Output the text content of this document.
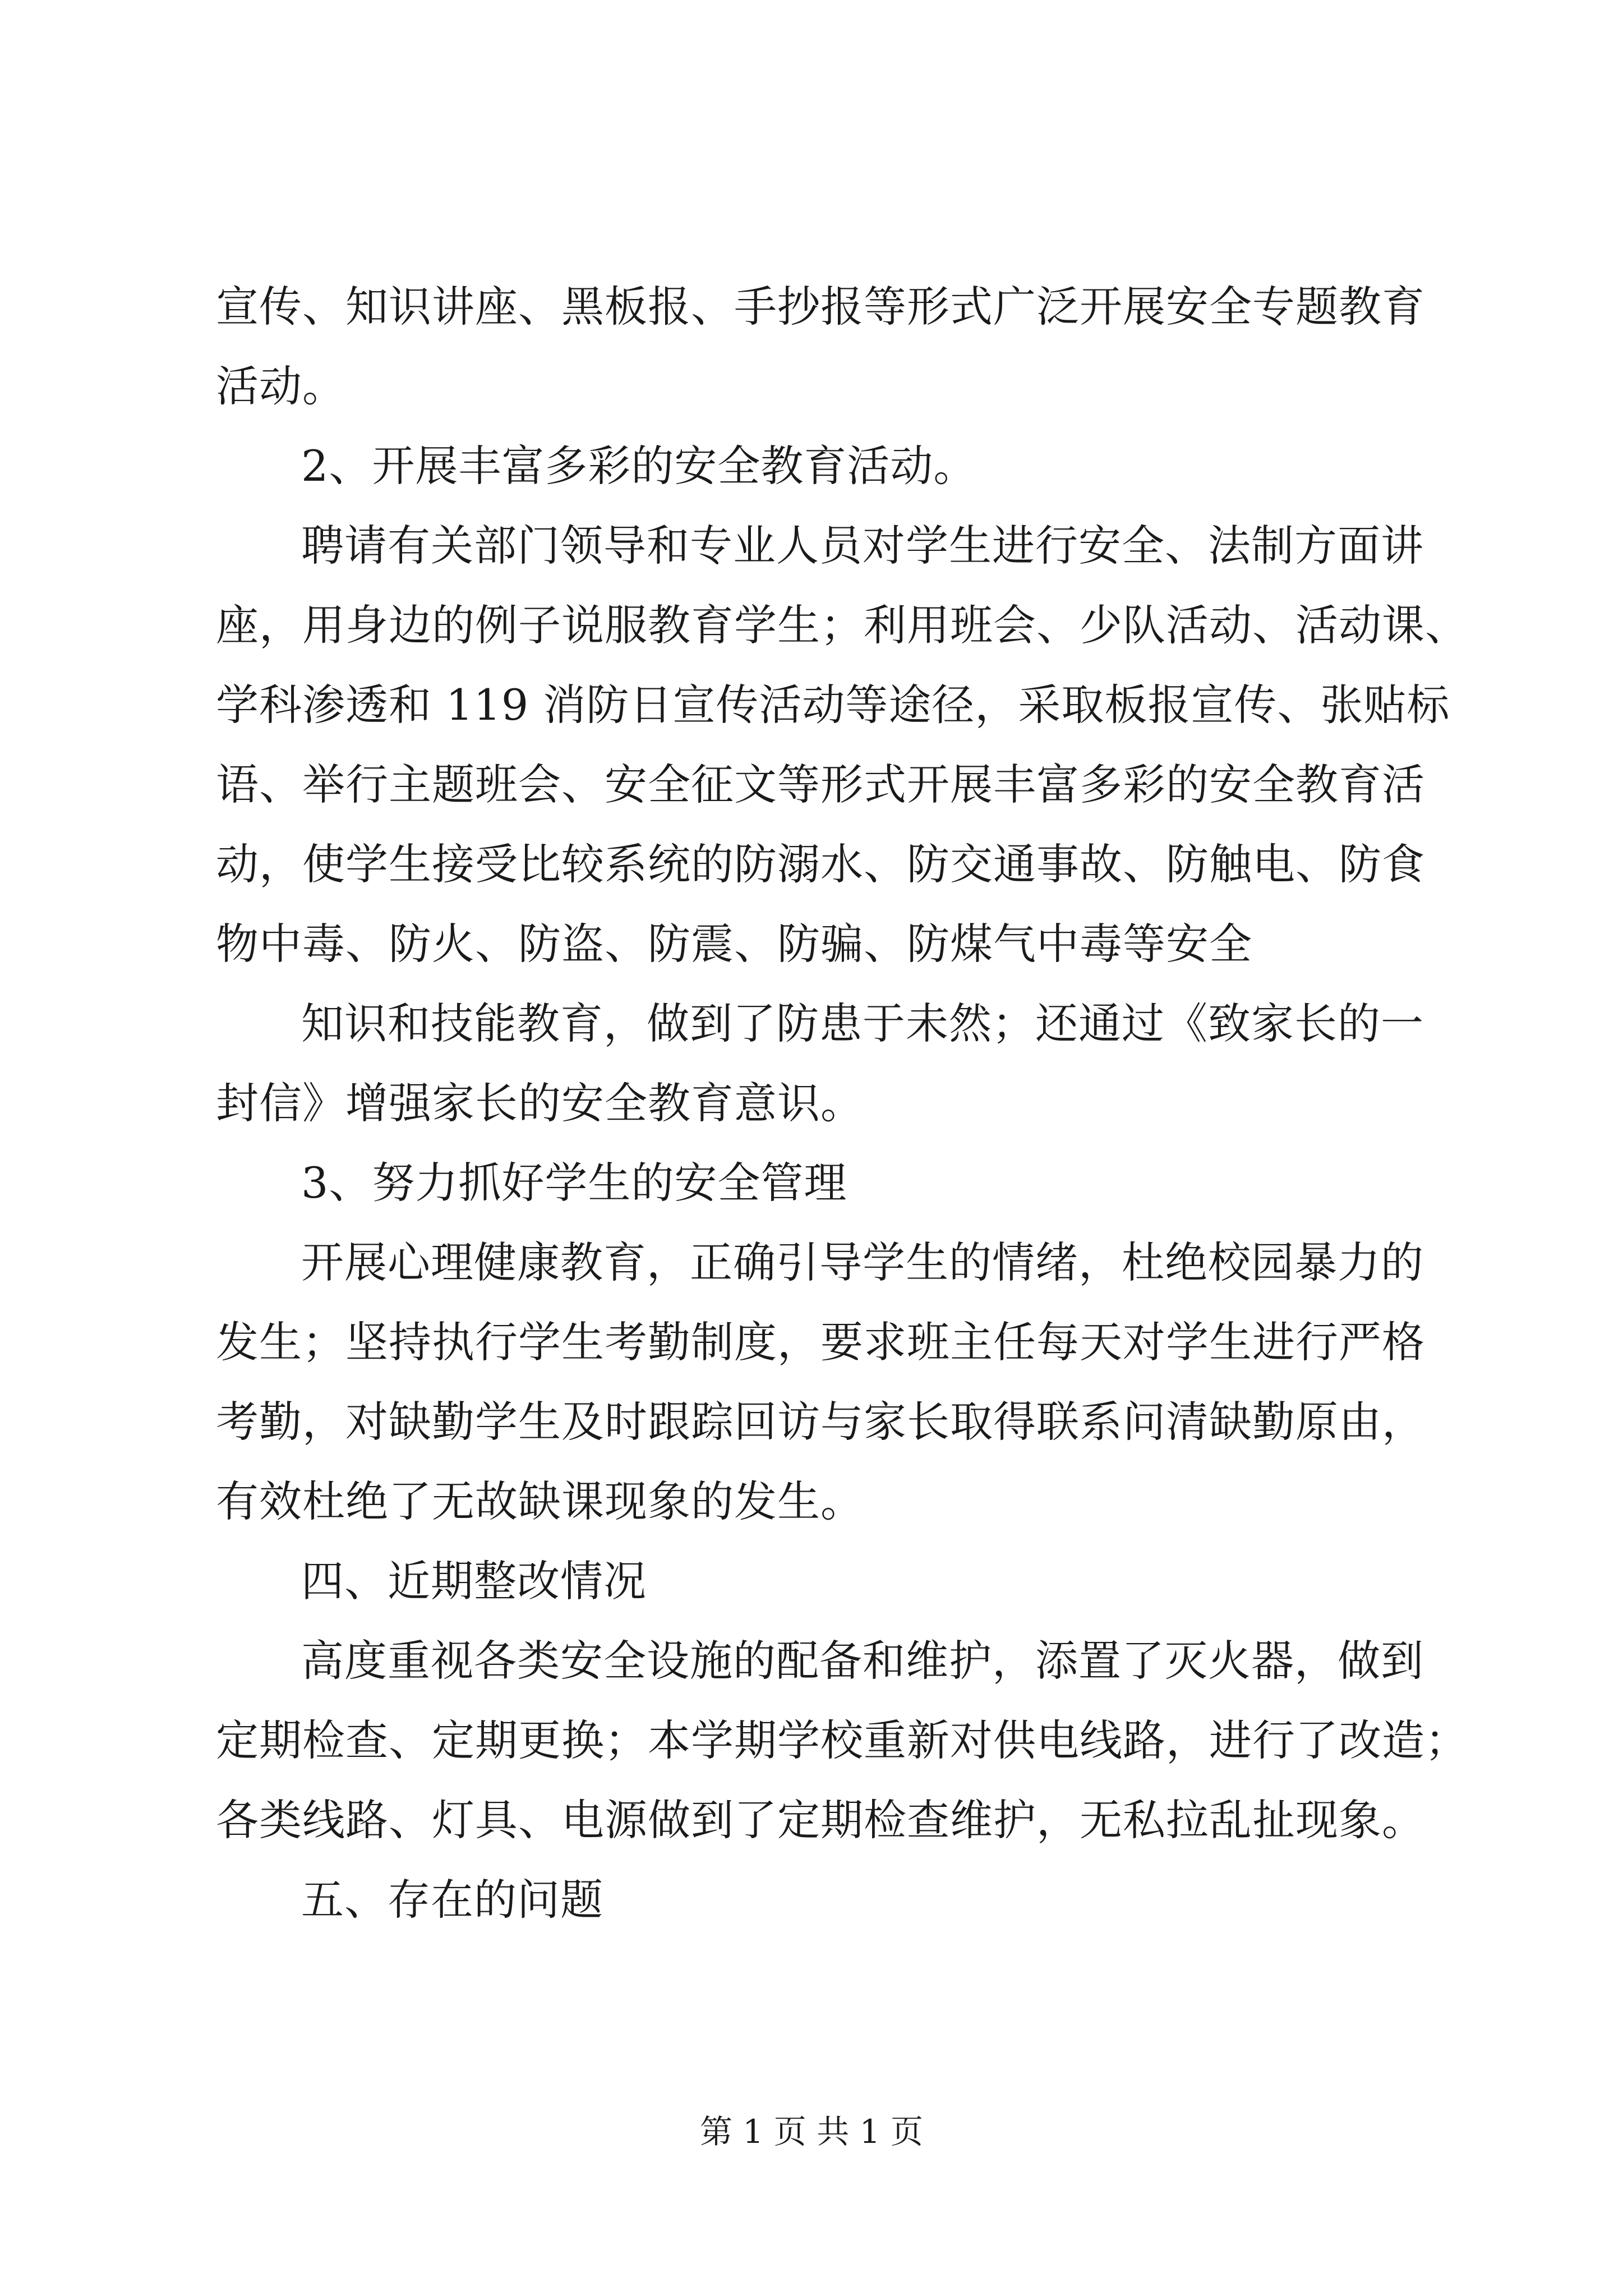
宣传、知识讲座、黑板报、手抄报等形式广泛开展安全专题教育
活动。
2、开展丰富多彩的安全教育活动。
聘请有关部门领导和专业人员对学生进行安全、法制方面讲
座，用身边的例子说服教育学生；利用班会、少队活动、活动课、
学科渗透和 119 消防日宣传活动等途径，采取板报宣传、张贴标
语、举行主题班会、安全征文等形式开展丰富多彩的安全教育活
动，使学生接受比较系统的防溺水、防交通事故、防触电、防食
物中毒、防火、防盗、防震、防骗、防煤气中毒等安全
知识和技能教育，做到了防患于未然；还通过《致家长的一
封信》增强家长的安全教育意识。
3、努力抓好学生的安全管理
开展心理健康教育，正确引导学生的情绪，杜绝校园暴力的
发生；坚持执行学生考勤制度，要求班主任每天对学生进行严格
考勤，对缺勤学生及时跟踪回访与家长取得联系问清缺勤原由，
有效杜绝了无故缺课现象的发生。
四、近期整改情况
高度重视各类安全设施的配备和维护，添置了灭火器，做到
定期检查、定期更换；本学期学校重新对供电线路，进行了改造；
各类线路、灯具、电源做到了定期检查维护，无私拉乱扯现象。
五、存在的问题
第 1 页 共 1 页
